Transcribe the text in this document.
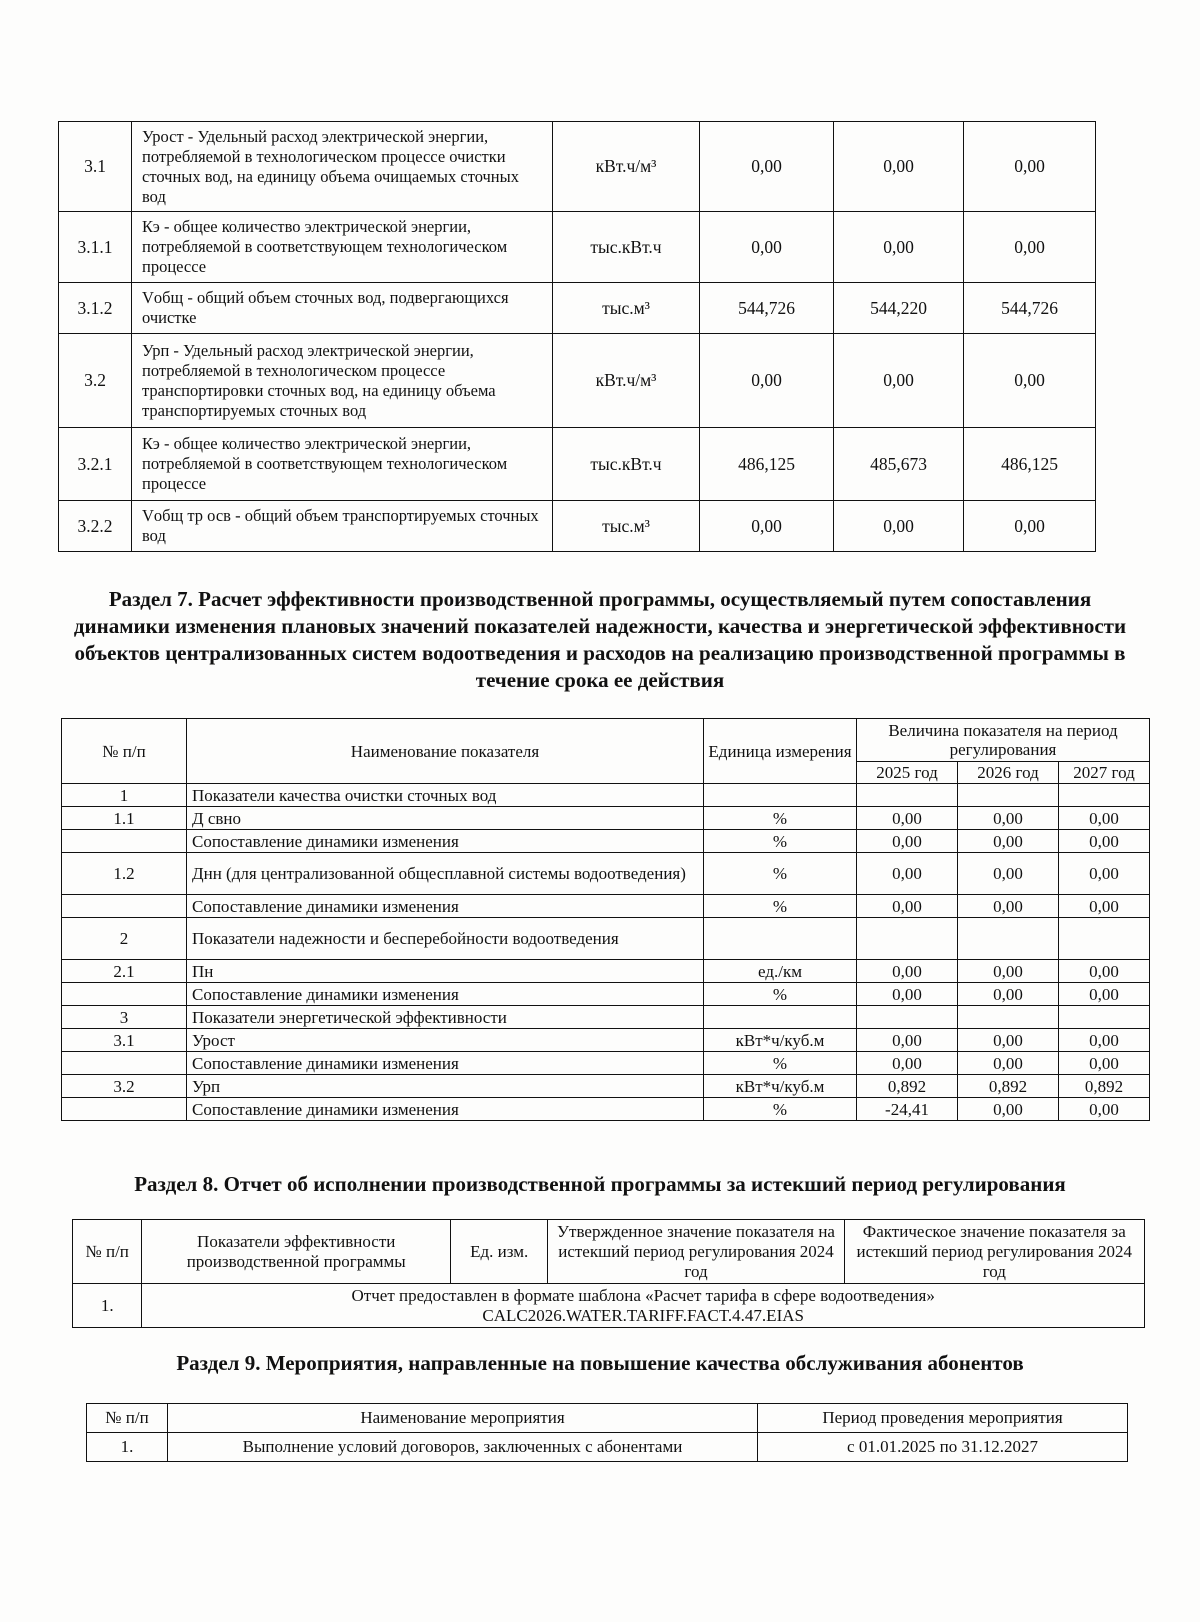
3.1	Урост - Удельный расход электрической энергии, потребляемой в технологическом процессе очистки сточных вод, на единицу объема очищаемых сточных вод	кВт.ч/м³	0,00	0,00	0,00
3.1.1	Кэ - общее количество электрической энергии, потребляемой в соответствующем технологическом процессе	тыс.кВт.ч	0,00	0,00	0,00
3.1.2	Vобщ - общий объем сточных вод, подвергающихся очистке	тыс.м³	544,726	544,220	544,726
3.2	Урп - Удельный расход электрической энергии, потребляемой в технологическом процессе транспортировки сточных вод, на единицу объема транспортируемых сточных вод	кВт.ч/м³	0,00	0,00	0,00
3.2.1	Кэ - общее количество электрической энергии, потребляемой в соответствующем технологическом процессе	тыс.кВт.ч	486,125	485,673	486,125
3.2.2	Vобщ тр осв - общий объем транспортируемых сточных вод	тыс.м³	0,00	0,00	0,00
Раздел 7. Расчет эффективности производственной программы, осуществляемый путем сопоставления динамики изменения плановых значений показателей надежности, качества и энергетической эффективности объектов централизованных систем водоотведения и расходов на реализацию производственной программы в течение срока ее действия
№ п/п	Наименование показателя	Единица измерения	Величина показателя на период регулирования		
			2025 год	2026 год	2027 год
1	Показатели качества очистки сточных вод				
1.1	Д свно	%	0,00	0,00	0,00
	Сопоставление динамики изменения	%	0,00	0,00	0,00
1.2	Днн (для централизованной общесплавной системы водоотведения)	%	0,00	0,00	0,00
	Сопоставление динамики изменения	%	0,00	0,00	0,00
2	Показатели надежности и бесперебойности водоотведения				
2.1	Пн	ед./км	0,00	0,00	0,00
	Сопоставление динамики изменения	%	0,00	0,00	0,00
3	Показатели энергетической эффективности				
3.1	Урост	кВт*ч/куб.м	0,00	0,00	0,00
	Сопоставление динамики изменения	%	0,00	0,00	0,00
3.2	Урп	кВт*ч/куб.м	0,892	0,892	0,892
	Сопоставление динамики изменения	%	-24,41	0,00	0,00
Раздел 8. Отчет об исполнении производственной программы за истекший период регулирования
№ п/п	Показатели эффективности производственной программы	Ед. изм.	Утвержденное значение показателя на истекший период регулирования 2024 год	Фактическое значение показателя за истекший период регулирования 2024 год
1.	Отчет предоставлен в формате шаблона «Расчет тарифа в сфере водоотведения»
CALC2026.WATER.TARIFF.FACT.4.47.EIAS			
Раздел 9. Мероприятия, направленные на повышение качества обслуживания абонентов
№ п/п	Наименование мероприятия	Период проведения мероприятия
1.	Выполнение условий договоров, заключенных с абонентами	с 01.01.2025 по 31.12.2027
